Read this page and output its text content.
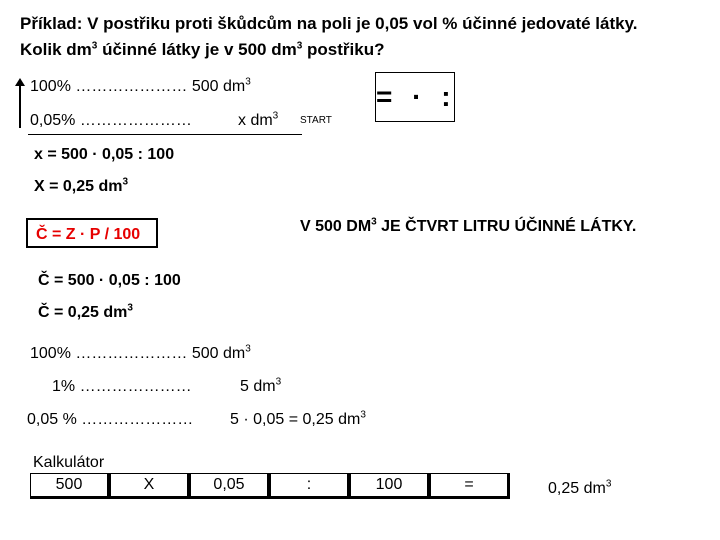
Příklad: V postřiku proti škůdcům na poli je 0,05 vol % účinné jedovaté látky.
Kolik $dm^3$ účinné látky je v 500 $dm^3$ postřiku?
100% ………………… 500 $dm^3$
0,05% …………………	x $dm^3$ START
= · :
x = 500 · 0,05 : 100
X = 0,25 $dm^3$
Č = Z · P / 100	V 500 $DM^3$ JE ČTVRT LITRU ÚČINNÉ LÁTKY.
Č = 500 · 0,05 : 100
Č = 0,25 $dm^3$
100% ………………… 500 $dm^3$
1% …………………	5 $dm^3$
0,05 % ………………… 5 · 0,05 = 0,25 $dm^3$
Kalkulátor
500	X	0,05	:	100	=	0,25 $dm^3$
